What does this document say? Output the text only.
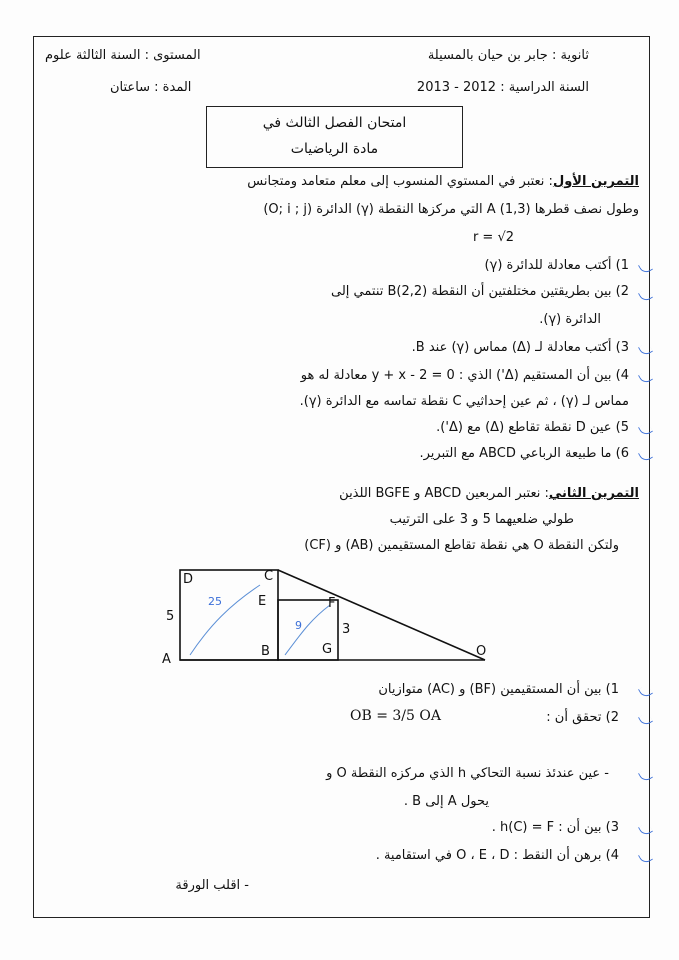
ثانوية : جابر بن حيان بالمسيلة
السنة الدراسية : 2012 - 2013
المستوى : السنة الثالثة علوم
المدة : ساعتان
امتحان الفصل الثالث في
مادة الرياضيات
التمرين الأول: نعتبر في المستوي المنسوب إلى معلم متعامد ومتجانس
(O; i ; j) الدائرة (γ) التي مركزها النقطة A (1,3) وطول نصف قطرها
r = √2
1) أكتب معادلة للدائرة (γ)
2) بين بطريقتين مختلفتين أن النقطة B(2,2) تنتمي إلى
الدائرة (γ).
3) أكتب معادلة لـ (Δ) مماس (γ) عند B.
4) بين أن المستقيم (Δ') الذي : y + x - 2 = 0 معادلة له هو
مماس لـ (γ) ، ثم عين إحداثيي C نقطة تماسه مع الدائرة (γ).
5) عين D نقطة تقاطع (Δ) مع (Δ').
6) ما طبيعة الرباعي ABCD مع التبرير.
التمرين الثاني: نعتبر المربعين ABCD و BGFE اللذين
طولي ضلعيهما 5 و 3 على الترتيب
ولتكن النقطة O هي نقطة تقاطع المستقيمين (AB) و (CF)
D	C
E	F
A
B	G	O
5
3
25
9
1) بين أن المستقيمين (BF) و (AC) متوازيان
2) تحقق أن :
OB = 3/5 OA
- عين عندئذ نسبة التحاكي h الذي مركزه النقطة O و
يحول A إلى B .
3) بين أن : h(C) = F .
4) برهن أن النقط : O ، E ، D في استقامية .
- اقلب الورقة
